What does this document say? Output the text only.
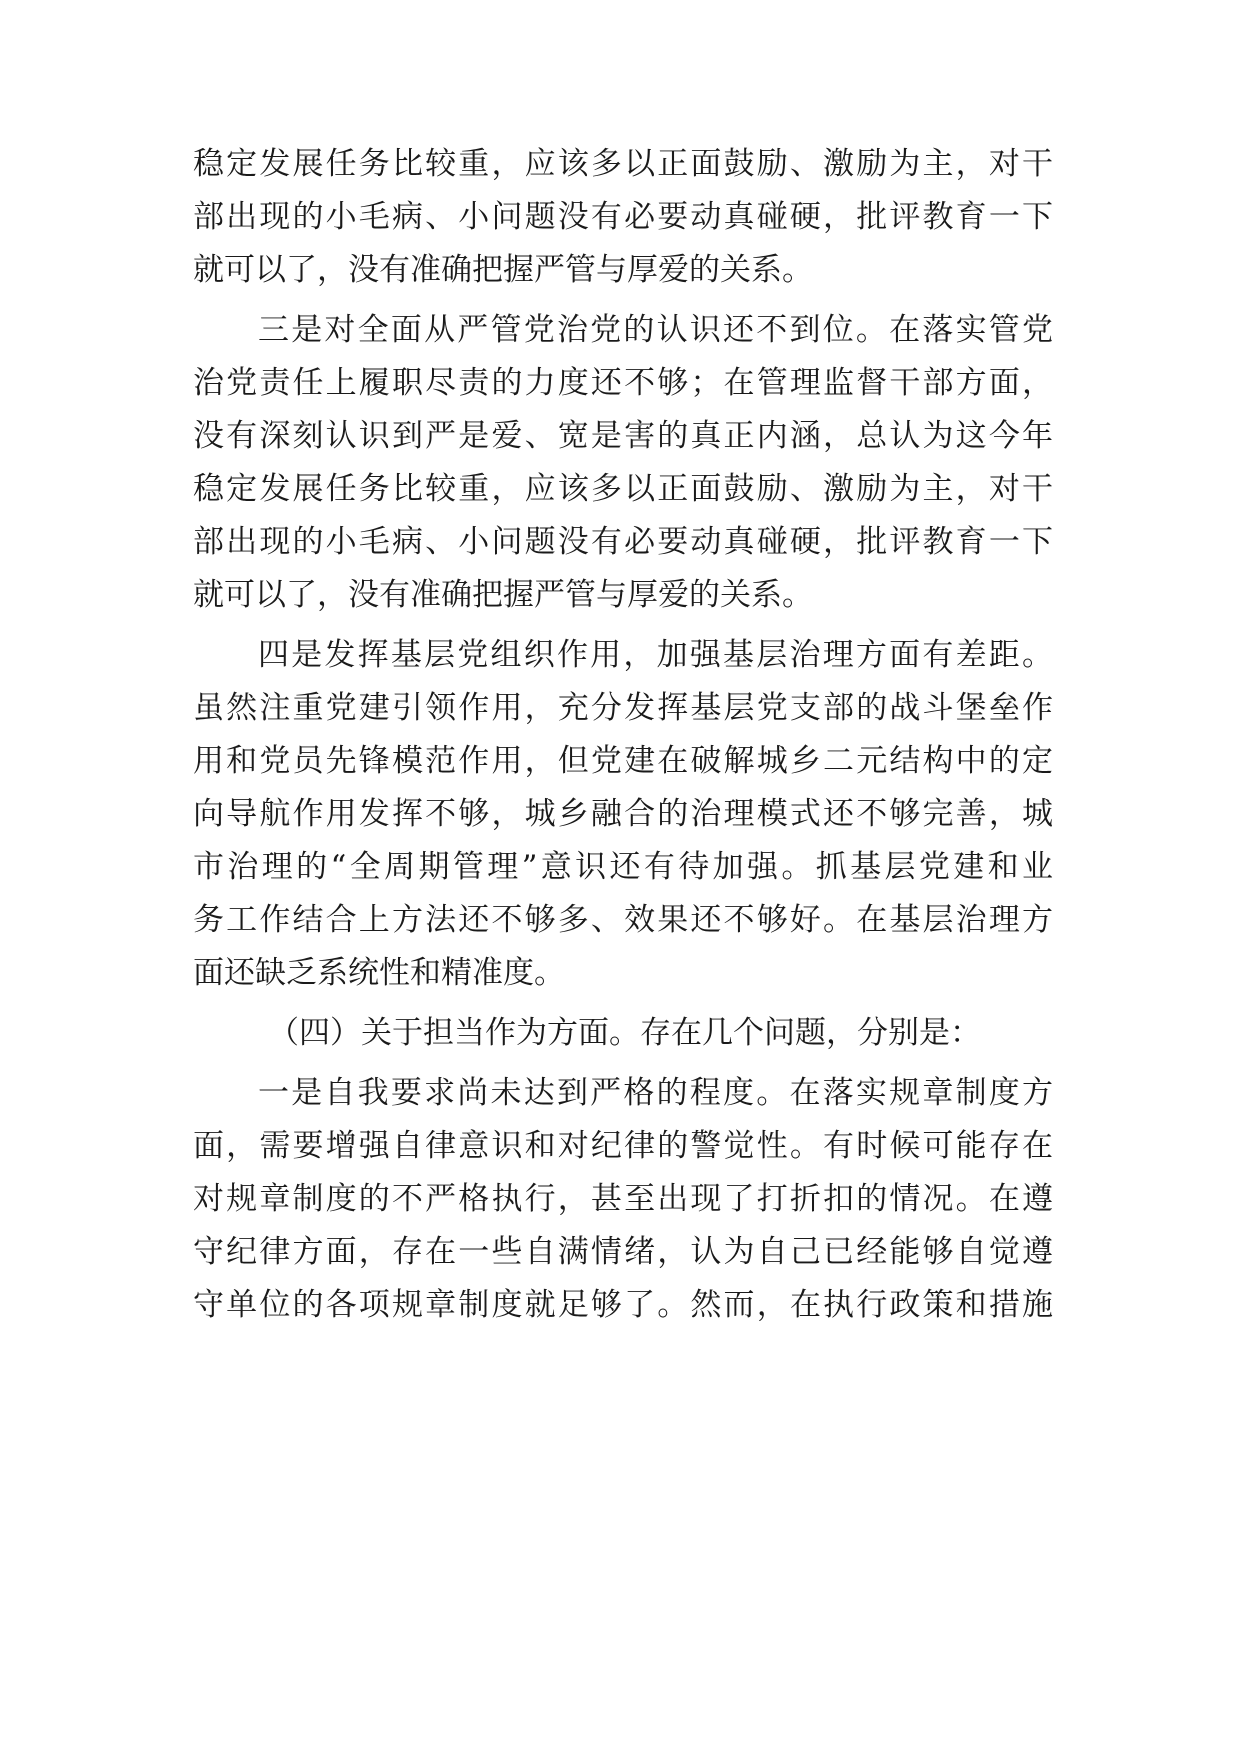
稳定发展任务比较重，应该多以正面鼓励、激励为主，对干
部出现的小毛病、小问题没有必要动真碰硬，批评教育一下
就可以了，没有准确把握严管与厚爱的关系。
三是对全面从严管党治党的认识还不到位。在落实管党
治党责任上履职尽责的力度还不够；在管理监督干部方面，
没有深刻认识到严是爱、宽是害的真正内涵，总认为这今年
稳定发展任务比较重，应该多以正面鼓励、激励为主，对干
部出现的小毛病、小问题没有必要动真碰硬，批评教育一下
就可以了，没有准确把握严管与厚爱的关系。
四是发挥基层党组织作用，加强基层治理方面有差距。
虽然注重党建引领作用，充分发挥基层党支部的战斗堡垒作
用和党员先锋模范作用，但党建在破解城乡二元结构中的定
向导航作用发挥不够，城乡融合的治理模式还不够完善，城
市治理的“全周期管理”意识还有待加强。抓基层党建和业
务工作结合上方法还不够多、效果还不够好。在基层治理方
面还缺乏系统性和精准度。
（四）关于担当作为方面。存在几个问题，分别是：
一是自我要求尚未达到严格的程度。在落实规章制度方
面，需要增强自律意识和对纪律的警觉性。有时候可能存在
对规章制度的不严格执行，甚至出现了打折扣的情况。在遵
守纪律方面，存在一些自满情绪，认为自己已经能够自觉遵
守单位的各项规章制度就足够了。然而，在执行政策和措施
